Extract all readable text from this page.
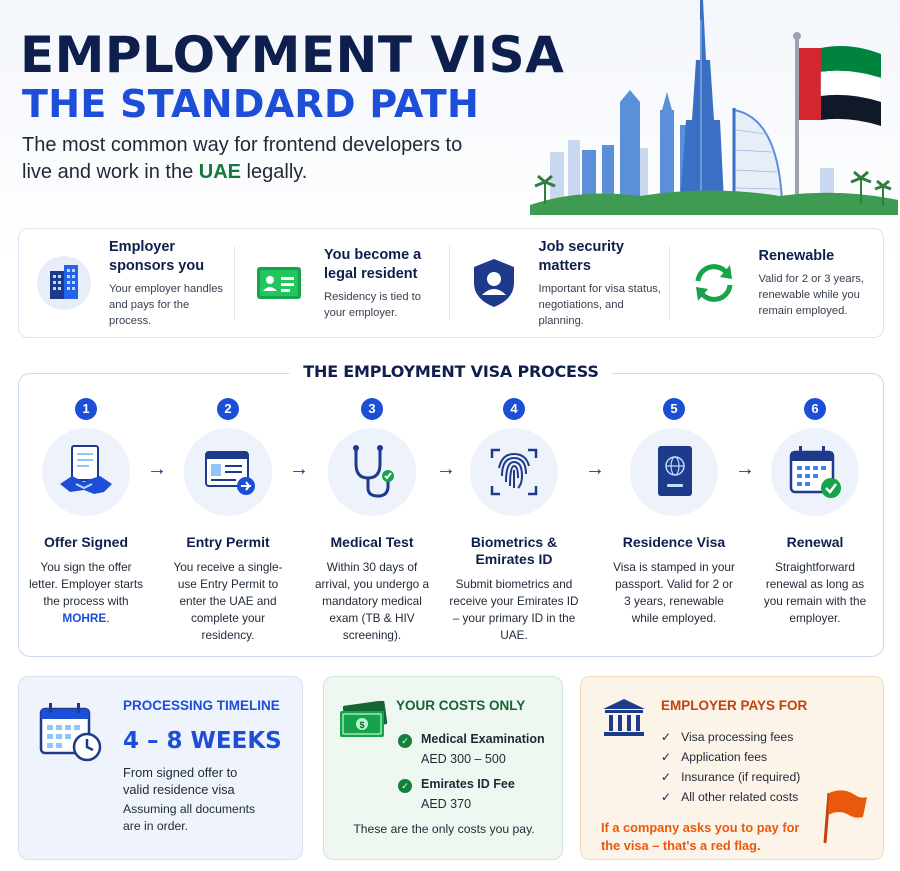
EMPLOYMENT VISA
THE STANDARD PATH
The most common way for frontend developers to live and work in the UAE legally.
Employer sponsors you
Your employer handles and pays for the process.
You become a legal resident
Residency is tied to your employer.
Job security matters
Important for visa status, negotiations, and planning.
Renewable
Valid for 2 or 3 years, renewable while you remain employed.
THE EMPLOYMENT VISA PROCESS
1
Offer Signed
You sign the offer letter. Employer starts the process with MOHRE.
→
2
Entry Permit
You receive a single-use Entry Permit to enter the UAE and complete your residency.
→
3
Medical Test
Within 30 days of arrival, you undergo a mandatory medical exam (TB & HIV screening).
→
4
Biometrics & Emirates ID
Submit biometrics and receive your Emirates ID – your primary ID in the UAE.
→
5
Residence Visa
Visa is stamped in your passport. Valid for 2 or 3 years, renewable while employed.
→
6
Renewal
Straightforward renewal as long as you remain with the employer.
PROCESSING TIMELINE
4 – 8 WEEKS
From signed offer to valid residence visa
Assuming all documents are in order.
$
YOUR COSTS ONLY
✓ Medical Examination
AED 300 – 500
✓ Emirates ID Fee
AED 370
These are the only costs you pay.
EMPLOYER PAYS FOR
✓ Visa processing fees
✓ Application fees
✓ Insurance (if required)
✓ All other related costs
If a company asks you to pay for the visa – that's a red flag.
